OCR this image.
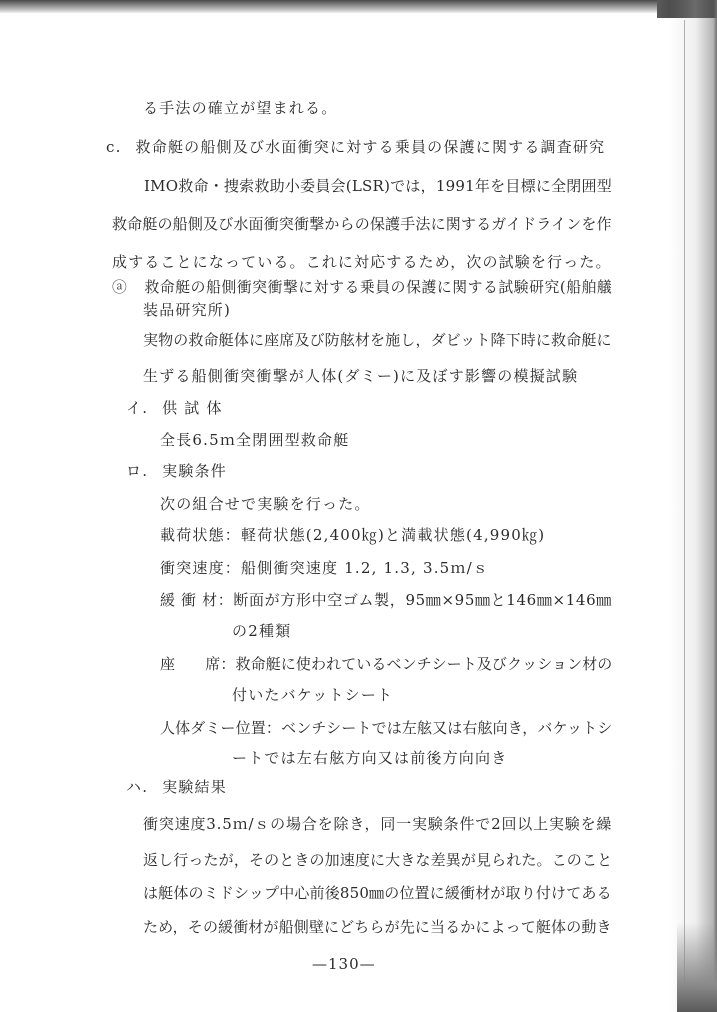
る手法の確立が望まれる。
c. 救命艇の船側及び水面衝突に対する乗員の保護に関する調査研究
IMO救命・捜索救助小委員会(LSR)では，1991年を目標に全閉囲型
救命艇の船側及び水面衝突衝撃からの保護手法に関するガイドラインを作
成することになっている。これに対応するため，次の試験を行った。
ⓐ 救命艇の船側衝突衝撃に対する乗員の保護に関する試験研究(船舶艤
装品研究所)
実物の救命艇体に座席及び防舷材を施し，ダビット降下時に救命艇に
生ずる船側衝突衝撃が人体(ダミー)に及ぼす影響の模擬試験
イ. 供 試 体
全長6.5ｍ全閉囲型救命艇
ロ. 実験条件
次の組合せで実験を行った。
載荷状態：軽荷状態(2,400㎏)と満載状態(4,990㎏)
衝突速度：船側衝突速度 1.2, 1.3, 3.5ｍ/ｓ
緩 衝 材：断面が方形中空ゴム製，95㎜×95㎜と146㎜×146㎜
の2種類
座　　席：救命艇に使われているベンチシート及びクッション材の
付いたバケットシート
人体ダミー位置：ベンチシートでは左舷又は右舷向き，バケットシ
ートでは左右舷方向又は前後方向向き
ハ. 実験結果
衝突速度3.5ｍ/ｓの場合を除き，同一実験条件で2回以上実験を繰
返し行ったが，そのときの加速度に大きな差異が見られた。このこと
は艇体のミドシップ中心前後850㎜の位置に緩衝材が取り付けてある
ため，その緩衝材が船側壁にどちらが先に当るかによって艇体の動き
—130—
